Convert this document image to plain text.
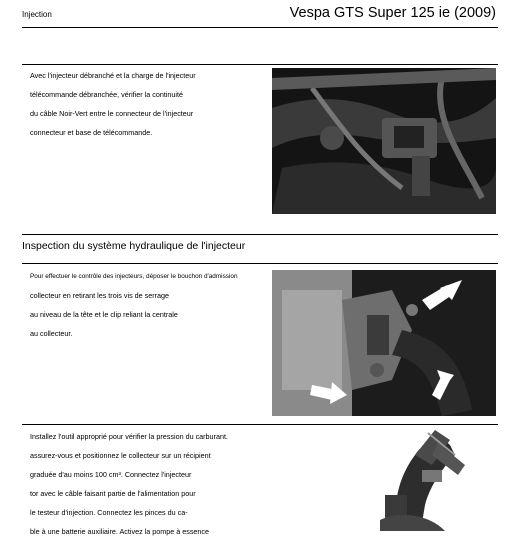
Injection	Vespa GTS Super 125 ie (2009)
Avec l'injecteur débranché et la charge de l'injecteur
télécommande débranchée, vérifier la continuité
du câble Noir-Vert entre le connecteur de l'injecteur
connecteur et base de télécommande.
Inspection du système hydraulique de l'injecteur
Pour effectuer le contrôle des injecteurs, déposer le bouchon d'admission
collecteur en retirant les trois vis de serrage
au niveau de la tête et le clip reliant la centrale
au collecteur.
Installez l'outil approprié pour vérifier la pression du carburant.
assurez-vous et positionnez le collecteur sur un récipient
graduée d'au moins 100 cm³. Connectez l'injecteur
tor avec le câble faisant partie de l'alimentation pour
le testeur d'injection. Connectez les pinces du ca-
ble à une batterie auxiliaire. Activez la pompe à essence
